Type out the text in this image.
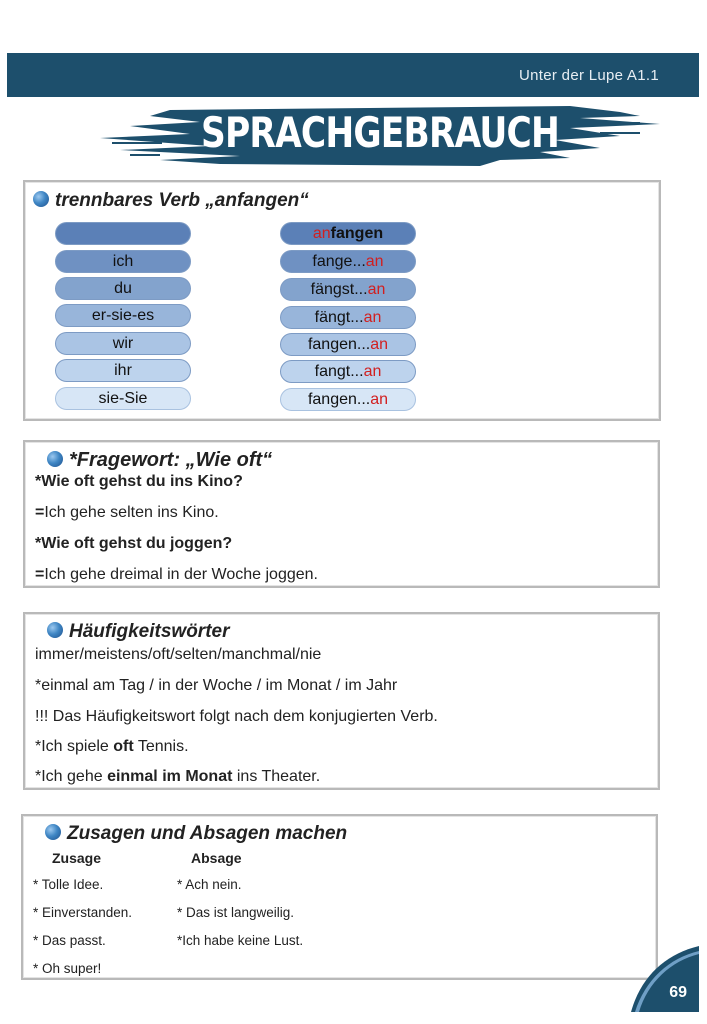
Unter der Lupe A1.1
SPRACHGEBRAUCH
trennbares Verb „anfangen“
ich
du
er-sie-es
wir
ihr
sie-Sie
anfangen
fange...an
fängst...an
fängt...an
fangen...an
fangt...an
fangen...an
*Fragewort: „Wie oft“
*Wie oft gehst du ins Kino?
=Ich gehe selten ins Kino.
*Wie oft gehst du joggen?
=Ich gehe dreimal in der Woche joggen.
Häufigkeitswörter
immer/meistens/oft/selten/manchmal/nie
*einmal am Tag / in der Woche / im Monat / im Jahr
!!! Das Häufigkeitswort folgt nach dem konjugierten Verb.
*Ich spiele oft Tennis.
*Ich gehe einmal im Monat ins Theater.
Zusagen und Absagen machen
Zusage	Absage
* Tolle Idee.
* Einverstanden.
* Das passt.
* Oh super!
* Ach nein.
* Das ist langweilig.
*Ich habe keine Lust.
69
